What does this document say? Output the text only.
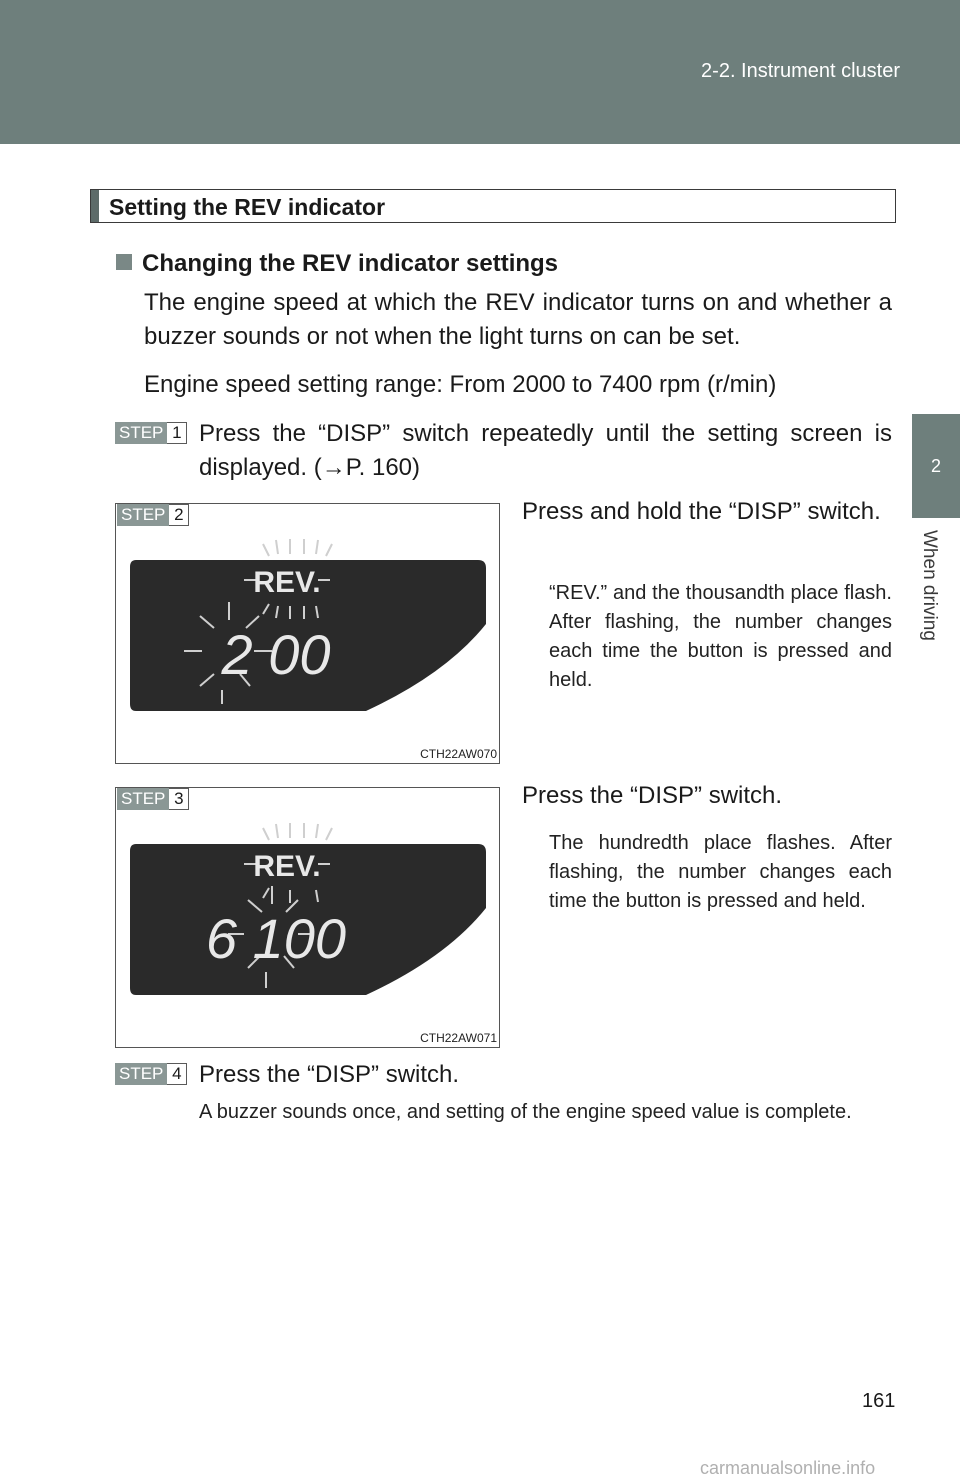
2-2. Instrument cluster
2
When driving
Setting the REV indicator
Changing the REV indicator settings
The engine speed at which the REV indicator turns on and whether a buzzer sounds or not when the light turns on can be set.
Engine speed setting range: From 2000 to 7400 rpm (r/min)
STEP 1 Press the “DISP” switch repeatedly until the setting screen is displayed. (→P. 160)
REV.
2 00
STEP 2
CTH22AW070
Press and hold the “DISP” switch.
“REV.” and the thousandth place flash. After flashing, the number changes each time the button is pressed and held.
REV.
6 100
STEP 3
CTH22AW071
Press the “DISP” switch.
The hundredth place flashes. After flashing, the number changes each time the button is pressed and held.
STEP 4 Press the “DISP” switch.
A buzzer sounds once, and setting of the engine speed value is complete.
161
carmanualsonline.info
